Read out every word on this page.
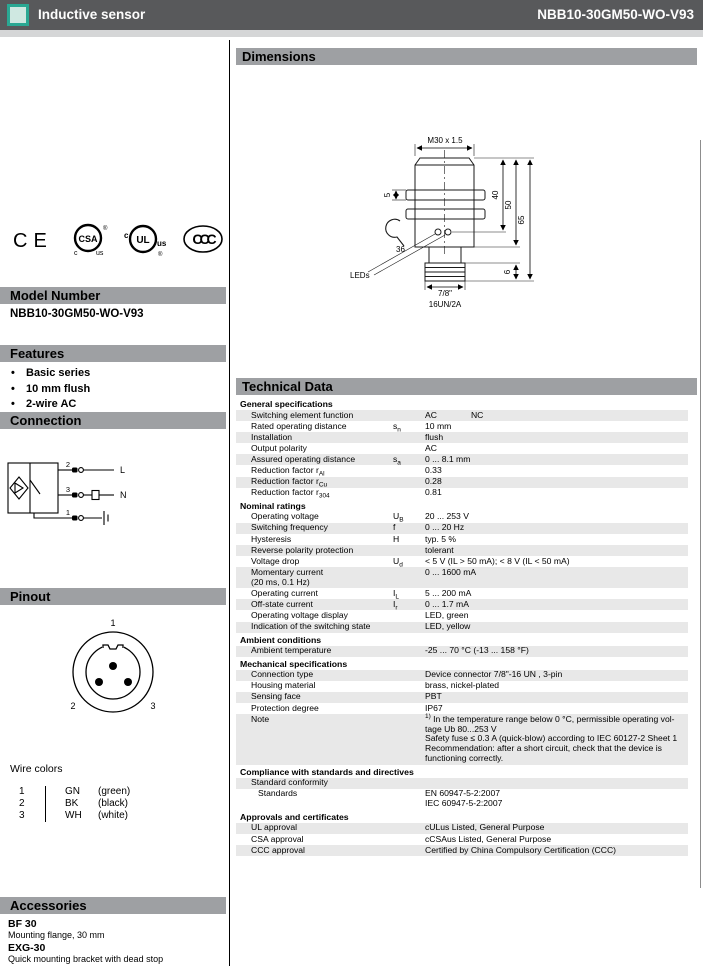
Inductive sensor	NBB10-30GM50-WO-V93
CE	CSA
c	us
®
UL
c
us
®
CCC
Model Number
NBB10-30GM50-WO-V93
Features
• Basic series
• 10 mm flush
• 2-wire AC
Connection
2
3
1
L
N
Pinout
1
2	3
Wire colors
1	GN (green)
2	BK (black)
3	WH (white)
Accessories
BF 30
Mounting flange, 30 mm
EXG-30
Quick mounting bracket with dead stop
Dimensions
M30 x 1.5
5
36
LEDs
7/8"
16UN/2A
40
50
65
6
Technical Data
General specifications
Switching element function	AC	NC
Rated operating distance	$s_n$	10 mm
Installation	flush
Output polarity	AC
Assured operating distance	$s_a$	0 ... 8.1 mm
Reduction factor $r_{Al}$	0.33
Reduction factor $r_{Cu}$	0.28
Reduction factor $r_{304}$	0.81
Nominal ratings
Operating voltage	$U_B$	20 ... 253 V
Switching frequency	f	0 ... 20 Hz
Hysteresis	H	typ. 5 %
Reverse polarity protection	tolerant
Voltage drop	$U_d$	< 5 V (IL > 50 mA); < 8 V (IL < 50 mA)
Momentary current
(20 ms, 0.1 Hz)
0 ... 1600 mA
Operating current	$I_L$	5 ... 200 mA
Off-state current	$I_r$	0 ... 1.7 mA
Operating voltage display	LED, green
Indication of the switching state	LED, yellow
Ambient conditions
Ambient temperature	-25 ... 70 °C (-13 ... 158 °F)
Mechanical specifications
Connection type	Device connector 7/8"-16 UN , 3-pin
Housing material	brass, nickel-plated
Sensing face	PBT
Protection degree	IP67
Note	$^{1)}$ In the temperature range below 0 °C, permissible operating vol-
tage Ub 80...253 V
Safety fuse ≤ 0.3 A (quick-blow) according to IEC 60127-2 Sheet 1
Recommendation: after a short circuit, check that the device is
functioning correctly.
Compliance with standards and directives
Standard conformity
Standards	EN 60947-5-2:2007
IEC 60947-5-2:2007
Approvals and certificates
UL approval	cULus Listed, General Purpose
CSA approval	cCSAus Listed, General Purpose
CCC approval	Certified by China Compulsory Certification (CCC)
